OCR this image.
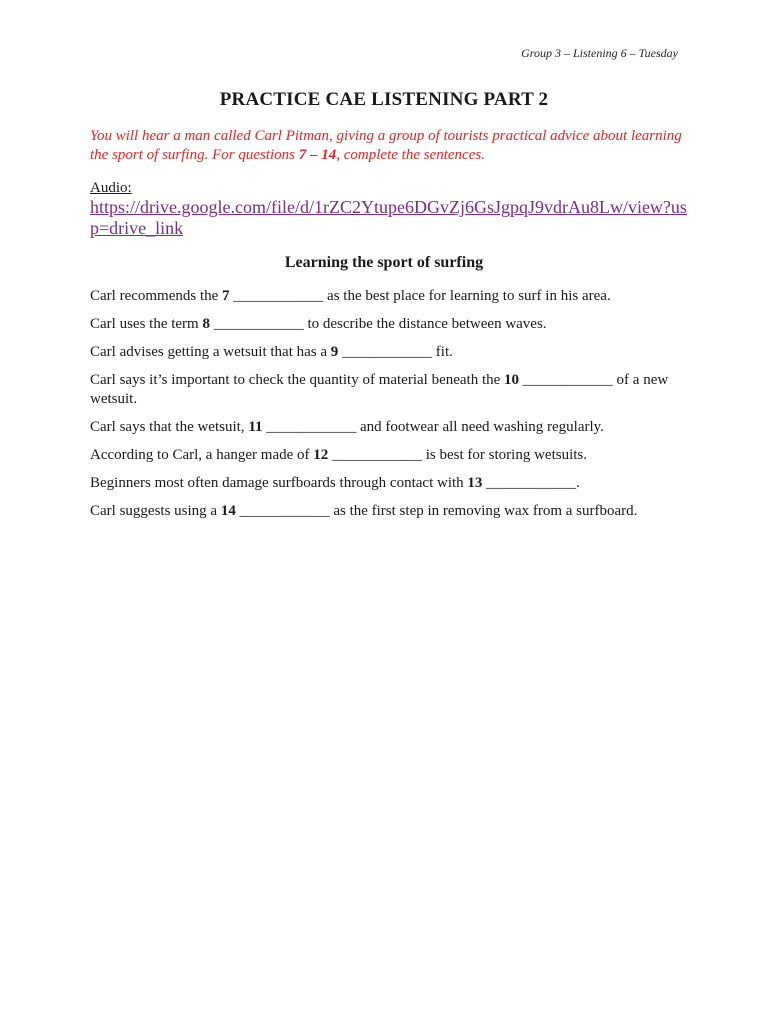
Group 3 – Listening 6 – Tuesday
PRACTICE CAE LISTENING PART 2
You will hear a man called Carl Pitman, giving a group of tourists practical advice about learning the sport of surfing. For questions 7 – 14, complete the sentences.
Audio:
https://drive.google.com/file/d/1rZC2Ytupe6DGvZj6GsJgpqJ9vdrAu8Lw/view?usp=drive_link
Learning the sport of surfing
Carl recommends the 7 ____________ as the best place for learning to surf in his area.
Carl uses the term 8 ____________ to describe the distance between waves.
Carl advises getting a wetsuit that has a 9 ____________ fit.
Carl says it’s important to check the quantity of material beneath the 10 ____________ of a new wetsuit.
Carl says that the wetsuit, 11 ____________ and footwear all need washing regularly.
According to Carl, a hanger made of 12 ____________ is best for storing wetsuits.
Beginners most often damage surfboards through contact with 13 ____________.
Carl suggests using a 14 ____________ as the first step in removing wax from a surfboard.
